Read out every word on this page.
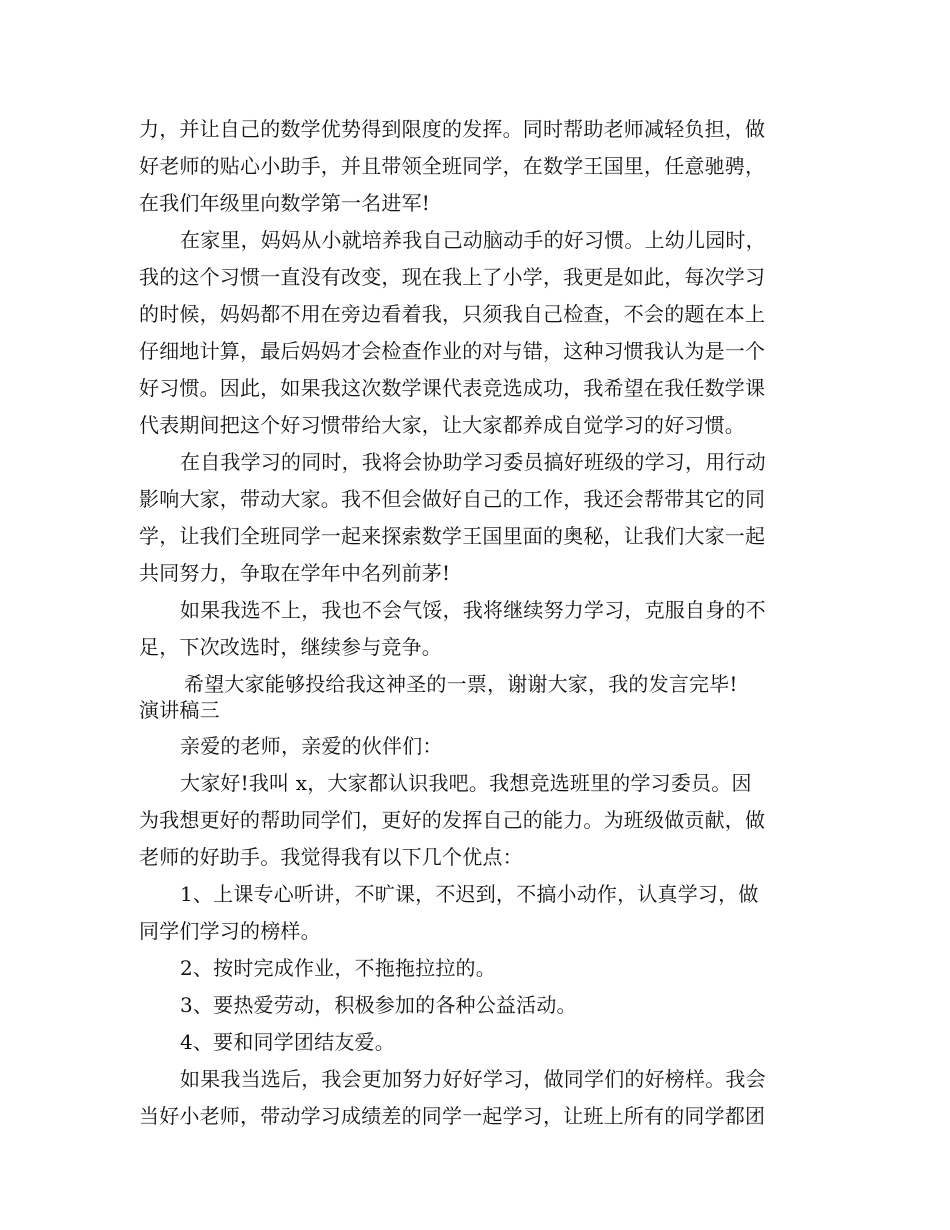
力，并让自己的数学优势得到限度的发挥。同时帮助老师减轻负担，做

好老师的贴心小助手，并且带领全班同学，在数学王国里，任意驰骋，

在我们年级里向数学第一名进军!

在家里，妈妈从小就培养我自己动脑动手的好习惯。上幼儿园时，

我的这个习惯一直没有改变，现在我上了小学，我更是如此，每次学习

的时候，妈妈都不用在旁边看着我，只须我自己检查，不会的题在本上

仔细地计算，最后妈妈才会检查作业的对与错，这种习惯我认为是一个

好习惯。因此，如果我这次数学课代表竞选成功，我希望在我任数学课

代表期间把这个好习惯带给大家，让大家都养成自觉学习的好习惯。

在自我学习的同时，我将会协助学习委员搞好班级的学习，用行动

影响大家，带动大家。我不但会做好自己的工作，我还会帮带其它的同

学，让我们全班同学一起来探索数学王国里面的奥秘，让我们大家一起

共同努力，争取在学年中名列前茅!

如果我选不上，我也不会气馁，我将继续努力学习，克服自身的不

足，下次改选时，继续参与竞争。

希望大家能够投给我这神圣的一票，谢谢大家，我的发言完毕!

演讲稿三

亲爱的老师，亲爱的伙伴们：

大家好!我叫 x，大家都认识我吧。我想竞选班里的学习委员。因

为我想更好的帮助同学们，更好的发挥自己的能力。为班级做贡献，做

老师的好助手。我觉得我有以下几个优点：

1、上课专心听讲，不旷课，不迟到，不搞小动作，认真学习，做

同学们学习的榜样。

2、按时完成作业，不拖拖拉拉的。

3、要热爱劳动，积极参加的各种公益活动。

4、要和同学团结友爱。

如果我当选后，我会更加努力好好学习，做同学们的好榜样。我会

当好小老师，带动学习成绩差的同学一起学习，让班上所有的同学都团
